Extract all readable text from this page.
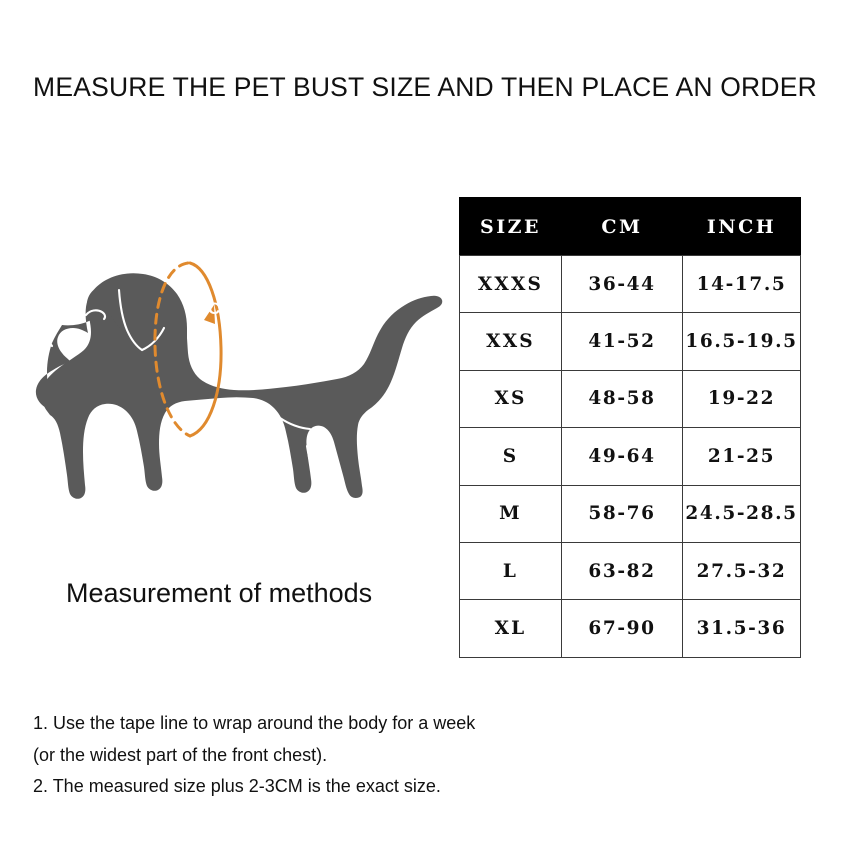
MEASURE THE PET BUST SIZE AND THEN PLACE AN ORDER
CHEST
Measurement of methods
SIZE	CM	INCH
XXXS	36-44	14-17.5
XXS	41-52	16.5-19.5
XS	48-58	19-22
S	49-64	21-25
M	58-76	24.5-28.5
L	63-82	27.5-32
XL	67-90	31.5-36
1. Use the tape line to wrap around the body for a week
(or the widest part of the front chest).
2. The measured size plus 2-3CM is the exact size.
